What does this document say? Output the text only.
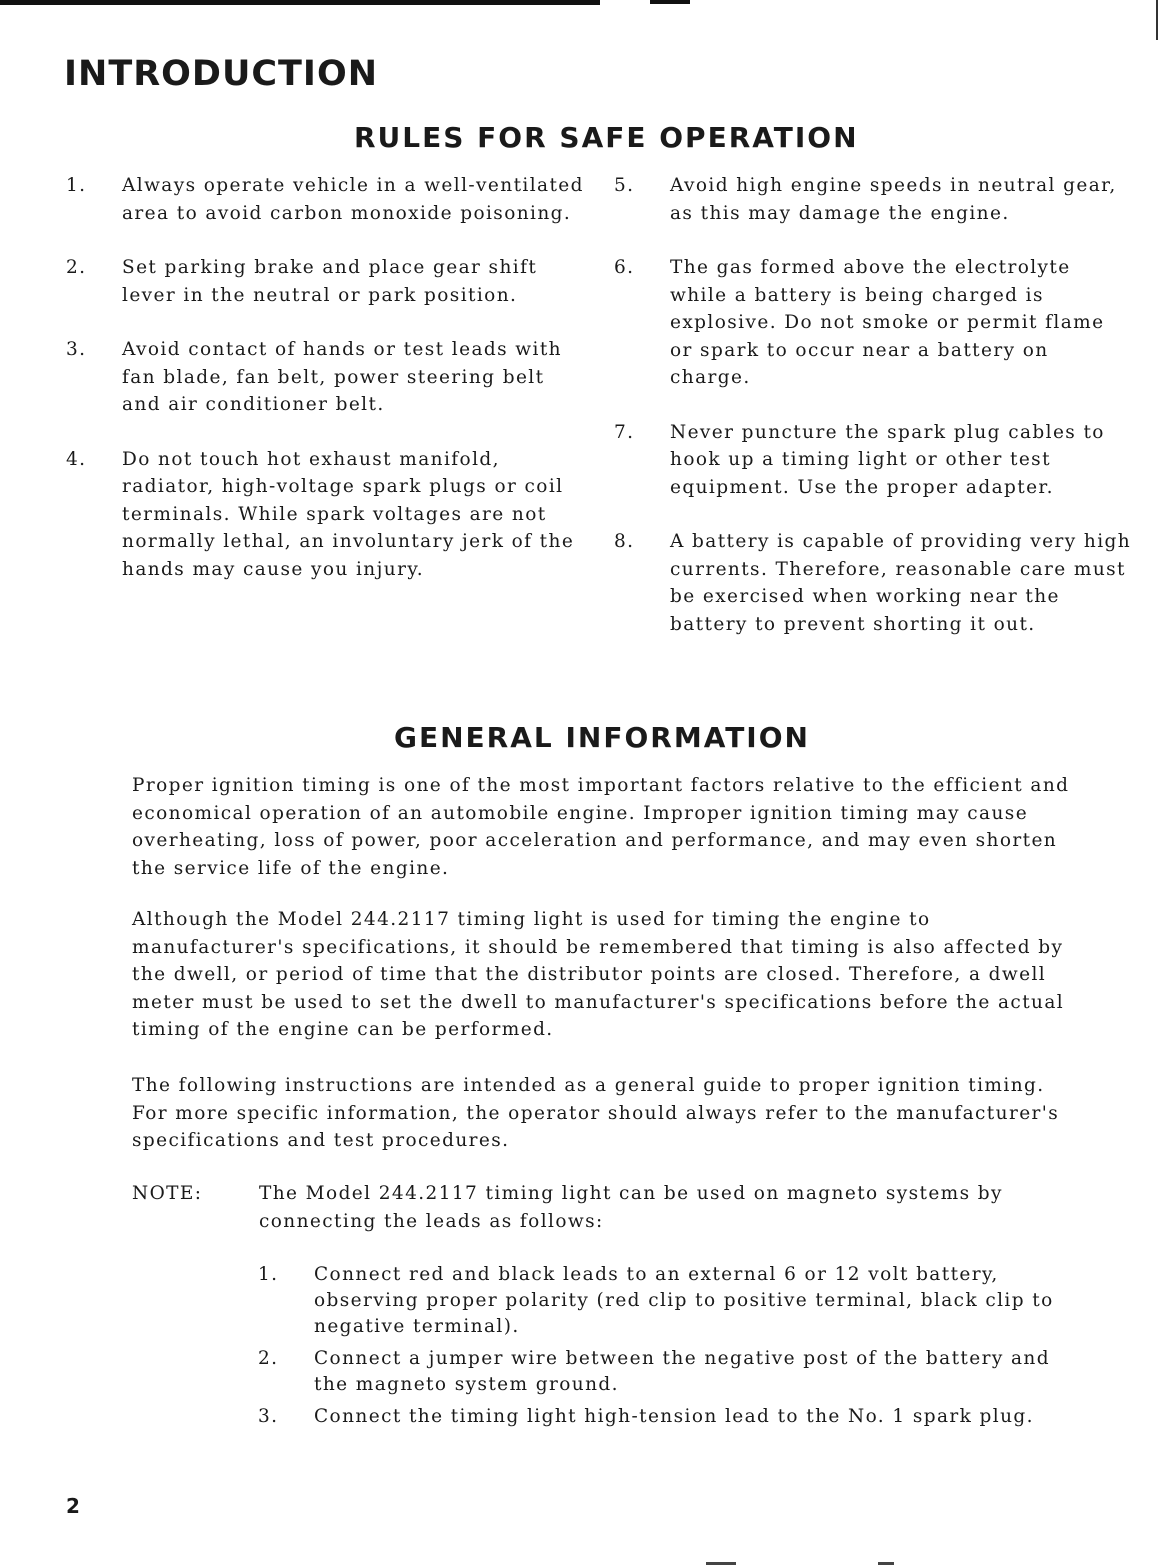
INTRODUCTION
RULES FOR SAFE OPERATION
1.	Always operate vehicle in a well-ventilated area to avoid carbon monoxide poisoning.
2.	Set parking brake and place gear shift lever in the neutral or park position.
3.	Avoid contact of hands or test leads with fan blade, fan belt, power steering belt and air conditioner belt.
4.	Do not touch hot exhaust manifold, radiator, high-voltage spark plugs or coil terminals. While spark voltages are not normally lethal, an involuntary jerk of the hands may cause you injury.
5.	Avoid high engine speeds in neutral gear, as this may damage the engine.
6.	The gas formed above the electrolyte while a battery is being charged is explosive. Do not smoke or permit flame or spark to occur near a battery on charge.
7.	Never puncture the spark plug cables to hook up a timing light or other test equipment. Use the proper adapter.
8.	A battery is capable of providing very high currents. Therefore, reasonable care must be exercised when working near the battery to prevent shorting it out.
GENERAL INFORMATION

Proper ignition timing is one of the most important factors relative to the efficient and economical operation of an automobile engine. Improper ignition timing may cause overheating, loss of power, poor acceleration and performance, and may even shorten the service life of the engine.

Although the Model 244.2117 timing light is used for timing the engine to manufacturer's specifications, it should be remembered that timing is also affected by the dwell, or period of time that the distributor points are closed. Therefore, a dwell meter must be used to set the dwell to manufacturer's specifications before the actual timing of the engine can be performed.

The following instructions are intended as a general guide to proper ignition timing. For more specific information, the operator should always refer to the manufacturer's specifications and test procedures.

NOTE:	The Model 244.2117 timing light can be used on magneto systems by connecting the leads as follows:
1.	Connect red and black leads to an external 6 or 12 volt battery, observing proper polarity (red clip to positive terminal, black clip to negative terminal).
2.	Connect a jumper wire between the negative post of the battery and the magneto system ground.
3.	Connect the timing light high-tension lead to the No. 1 spark plug.
2
